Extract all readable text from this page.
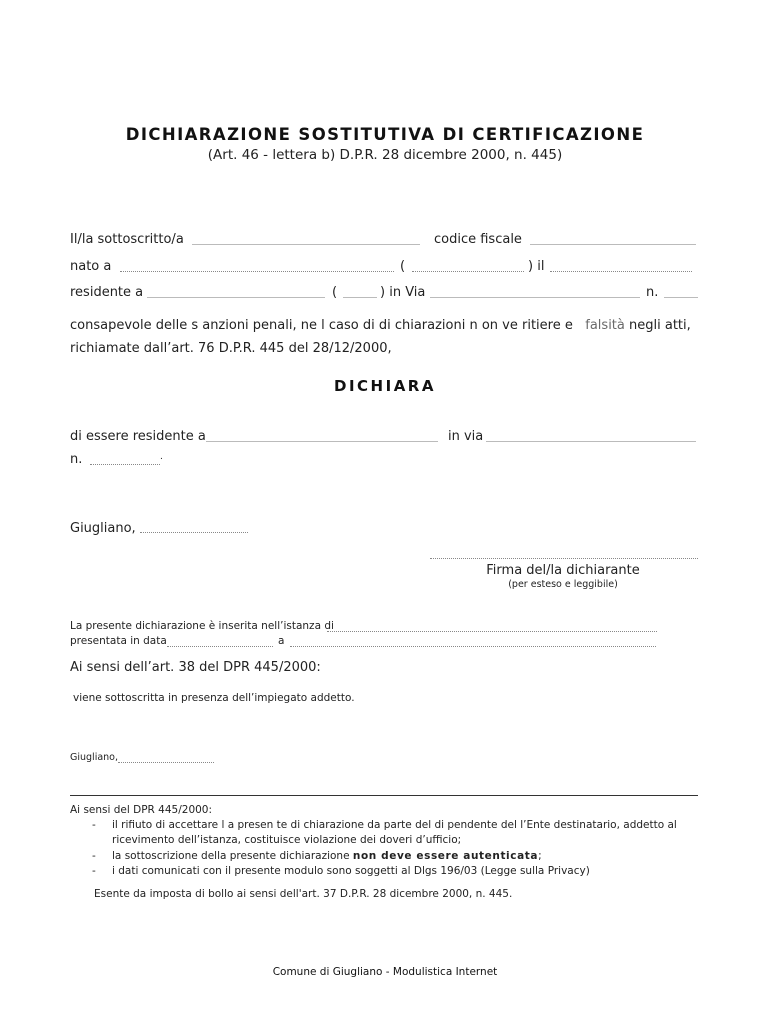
DICHIARAZIONE SOSTITUTIVA DI CERTIFICAZIONE
(Art. 46 - lettera b) D.P.R. 28 dicembre 2000, n. 445)
Il/la sottoscritto/a	codice fiscale
nato a	(	) il
residente a	(	) in Via	n.
consapevole delle s anzioni penali, ne l caso di di chiarazioni n on ve ritiere e falsità negli atti,
richiamate dall’art. 76 D.P.R. 445 del 28/12/2000,
DICHIARA
di essere residente a	in via
n.	.
Giugliano,
Firma del/la dichiarante
(per esteso e leggibile)
La presente dichiarazione è inserita nell’istanza di
presentata in data	a
Ai sensi dell’art. 38 del DPR 445/2000:
viene sottoscritta in presenza dell’impiegato addetto.
Giugliano,
Ai sensi del DPR 445/2000:
- il rifiuto di accettare l a presen te di chiarazione da parte del di pendente del l’Ente destinatario, addetto al
ricevimento dell’istanza, costituisce violazione dei doveri d’ufficio;
- la sottoscrizione della presente dichiarazione non deve essere autenticata;
- i dati comunicati con il presente modulo sono soggetti al Dlgs 196/03 (Legge sulla Privacy)
Esente da imposta di bollo ai sensi dell'art. 37 D.P.R. 28 dicembre 2000, n. 445.
Comune di Giugliano - Modulistica Internet
